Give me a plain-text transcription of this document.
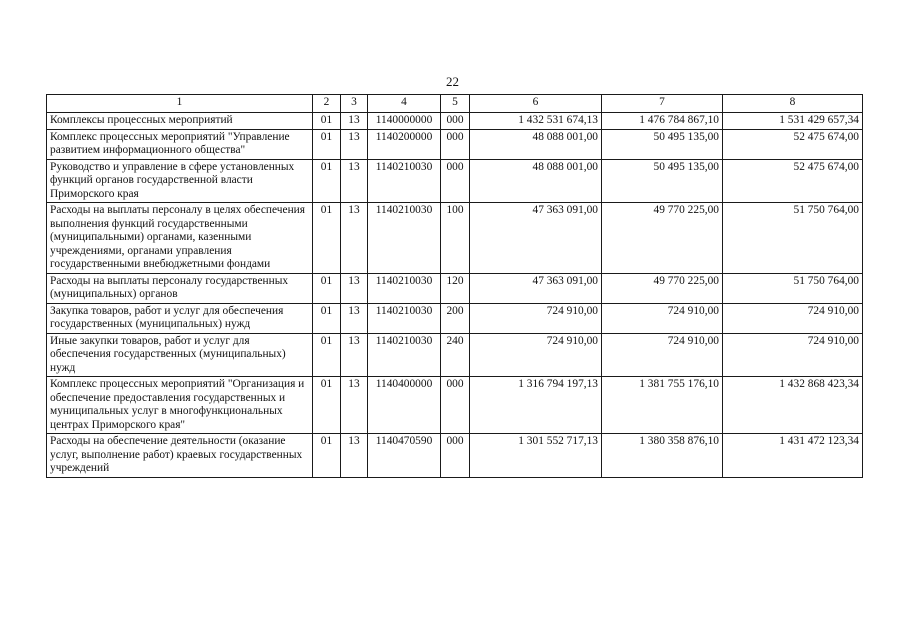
22
1	2	3	4	5	6	7	8
Комплексы процессных мероприятий	01	13	1140000000	000	1 432 531 674,13	1 476 784 867,10	1 531 429 657,34
Комплекс процессных мероприятий "Управление развитием информационного общества"	01	13	1140200000	000	48 088 001,00	50 495 135,00	52 475 674,00
Руководство и управление в сфере установленных функций органов государственной власти Приморского края	01	13	1140210030	000	48 088 001,00	50 495 135,00	52 475 674,00
Расходы на выплаты персоналу в целях обеспечения выполнения функций государственными (муниципальными) органами, казенными учреждениями, органами управления государственными внебюджетными фондами	01	13	1140210030	100	47 363 091,00	49 770 225,00	51 750 764,00
Расходы на выплаты персоналу государственных (муниципальных) органов	01	13	1140210030	120	47 363 091,00	49 770 225,00	51 750 764,00
Закупка товаров, работ и услуг для обеспечения государственных (муниципальных) нужд	01	13	1140210030	200	724 910,00	724 910,00	724 910,00
Иные закупки товаров, работ и услуг для обеспечения государственных (муниципальных) нужд	01	13	1140210030	240	724 910,00	724 910,00	724 910,00
Комплекс процессных мероприятий "Организация и обеспечение предоставления государственных и муниципальных услуг в многофункциональных центрах Приморского края"	01	13	1140400000	000	1 316 794 197,13	1 381 755 176,10	1 432 868 423,34
Расходы на обеспечение деятельности (оказание услуг, выполнение работ) краевых государственных учреждений	01	13	1140470590	000	1 301 552 717,13	1 380 358 876,10	1 431 472 123,34
